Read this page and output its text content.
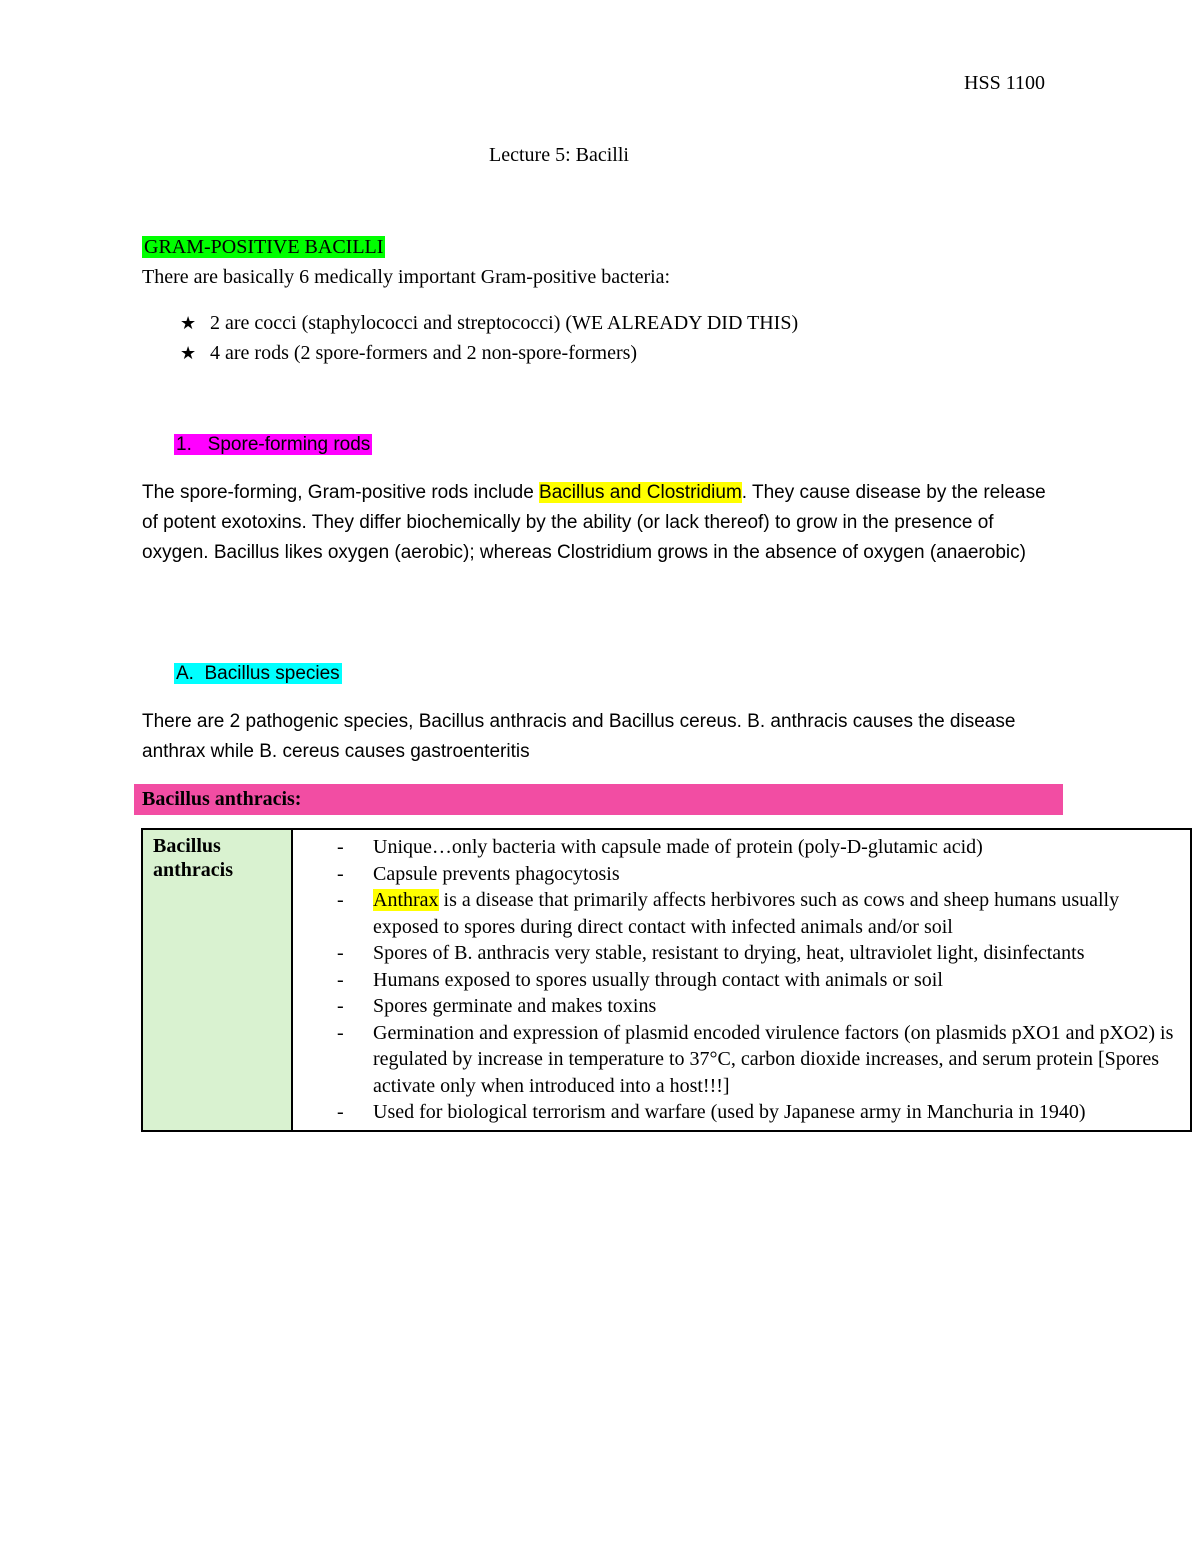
HSS 1100
Lecture 5: Bacilli
GRAM-POSITIVE BACILLI
There are basically 6 medically important Gram-positive bacteria:
★ 2 are cocci (staphylococci and streptococci) (WE ALREADY DID THIS)
★ 4 are rods (2 spore-formers and 2 non-spore-formers)
1.   Spore-forming rods
The spore-forming, Gram-positive rods include Bacillus and Clostridium. They cause disease by the release of potent exotoxins. They differ biochemically by the ability (or lack thereof) to grow in the presence of oxygen. Bacillus likes oxygen (aerobic); whereas Clostridium grows in the absence of oxygen (anaerobic)
A.  Bacillus species
There are 2 pathogenic species, Bacillus anthracis and Bacillus cereus. B. anthracis causes the disease anthrax while B. cereus causes gastroenteritis
Bacillus anthracis:
Bacillus anthracis

- Unique…only bacteria with capsule made of protein (poly-D-glutamic acid)
- Capsule prevents phagocytosis
- Anthrax is a disease that primarily affects herbivores such as cows and sheep humans usually exposed to spores during direct contact with infected animals and/or soil
- Spores of B. anthracis very stable, resistant to drying, heat, ultraviolet light, disinfectants
- Humans exposed to spores usually through contact with animals or soil
- Spores germinate and makes toxins
- Germination and expression of plasmid encoded virulence factors (on plasmids pXO1 and pXO2) is regulated by increase in temperature to 37°C, carbon dioxide increases, and serum protein [Spores activate only when introduced into a host!!!]
- Used for biological terrorism and warfare (used by Japanese army in Manchuria in 1940)
